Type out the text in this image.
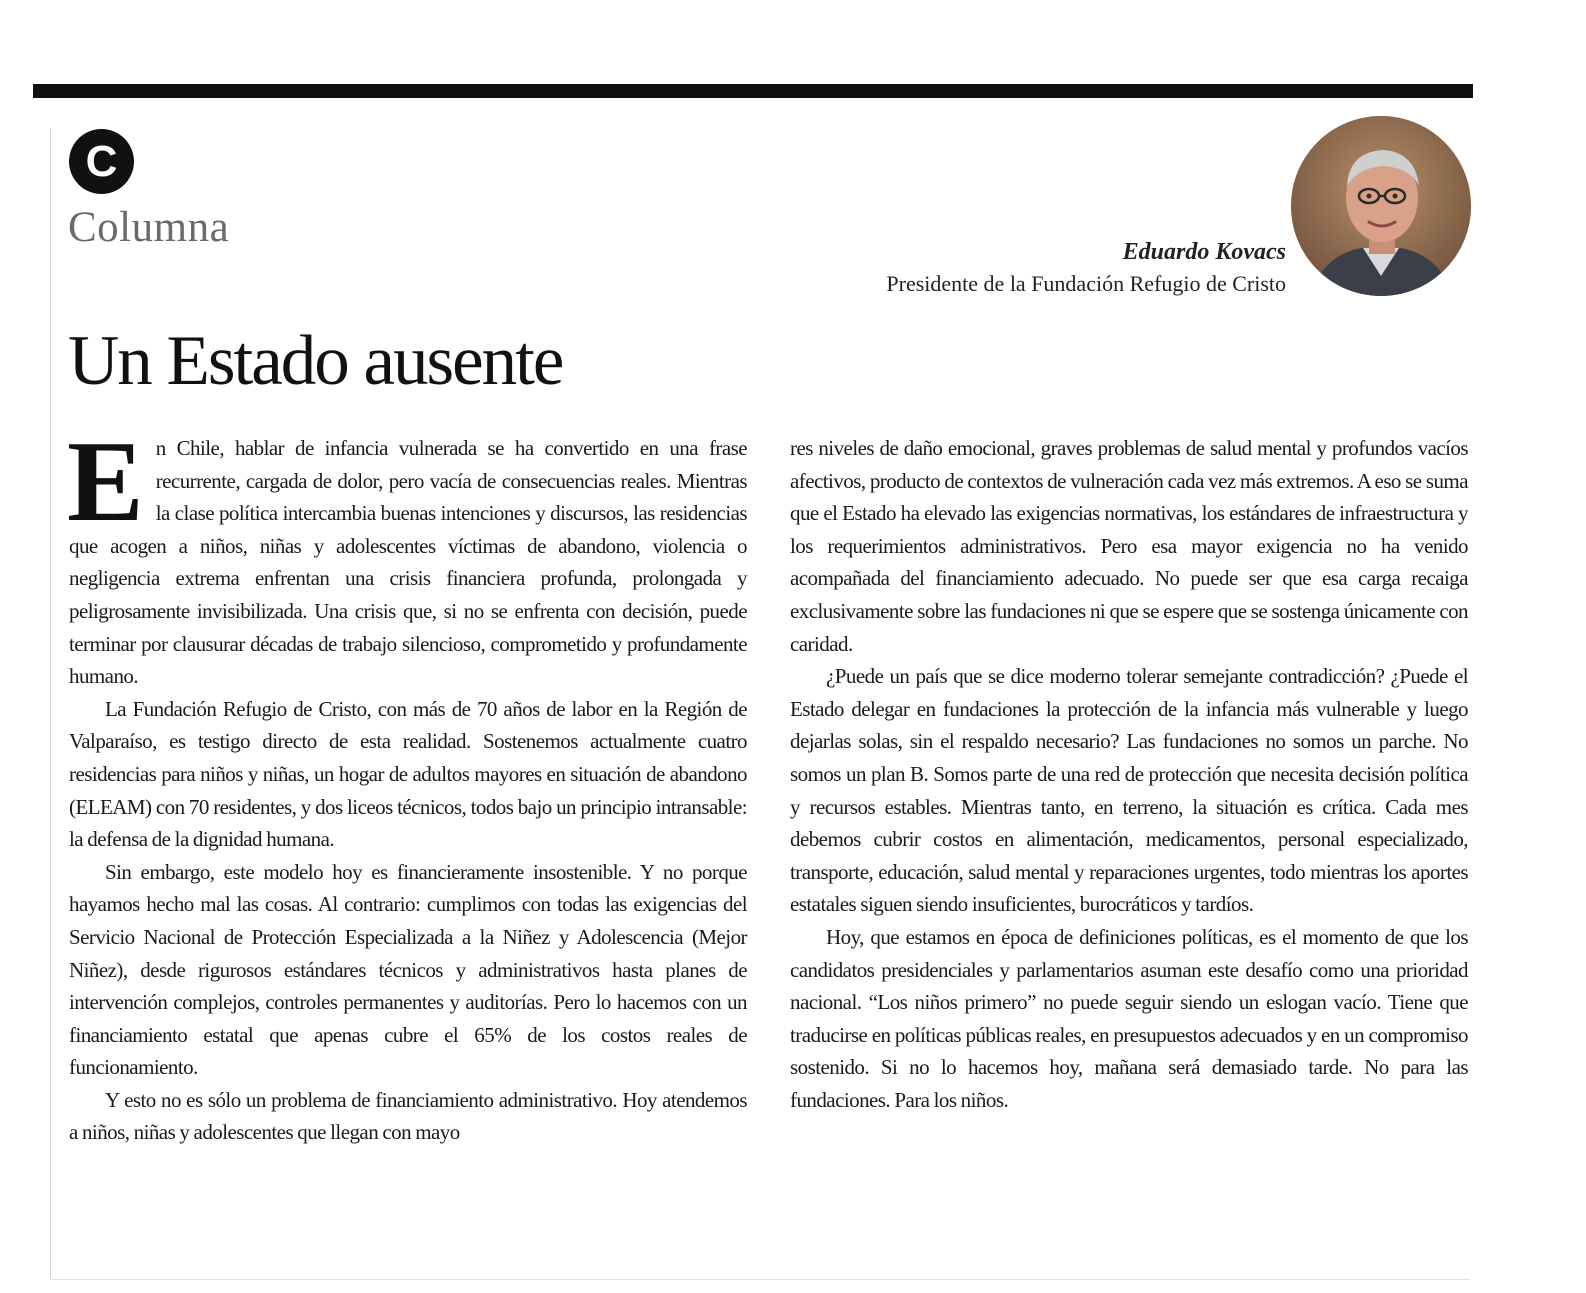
C
Columna
Eduardo Kovacs
Presidente de la Fundación Refugio de Cristo
Un Estado ausente

En Chile, hablar de infancia vulnerada se ha convertido en una frase recurrente, cargada de dolor, pero vacía de consecuencias reales. Mientras la clase política intercambia buenas intenciones y discursos, las residencias que acogen a niños, niñas y adolescentes víctimas de abandono, violencia o negligencia extrema enfrentan una crisis financiera profunda, prolongada y peligrosamente invisibilizada. Una crisis que, si no se enfrenta con decisión, puede terminar por clausurar décadas de trabajo silencioso, comprometido y profundamente humano.

La Fundación Refugio de Cristo, con más de 70 años de labor en la Región de Valparaíso, es testigo directo de esta realidad. Sostenemos actualmente cuatro residencias para niños y niñas, un hogar de adultos mayores en situación de abandono (ELEAM) con 70 residentes, y dos liceos técnicos, todos bajo un principio intransable: la defensa de la dignidad humana.

Sin embargo, este modelo hoy es financieramente insostenible. Y no porque hayamos hecho mal las cosas. Al contrario: cumplimos con todas las exigencias del Servicio Nacional de Protección Especializada a la Niñez y Adolescencia (Mejor Niñez), desde rigurosos estándares técnicos y administrativos hasta planes de intervención complejos, controles permanentes y auditorías. Pero lo hacemos con un financiamiento estatal que apenas cubre el 65% de los costos reales de funcionamiento.

Y esto no es sólo un problema de financiamiento administrativo. Hoy atendemos a niños, niñas y adolescentes que llegan con mayo

res niveles de daño emocional, graves problemas de salud mental y profundos vacíos afectivos, producto de contextos de vulneración cada vez más extremos. A eso se suma que el Estado ha elevado las exigencias normativas, los estándares de infraestructura y los requerimientos administrativos. Pero esa mayor exigencia no ha venido acompañada del financiamiento adecuado. No puede ser que esa carga recaiga exclusivamente sobre las fundaciones ni que se espere que se sostenga únicamente con caridad.

¿Puede un país que se dice moderno tolerar semejante contradicción? ¿Puede el Estado delegar en fundaciones la protección de la infancia más vulnerable y luego dejarlas solas, sin el respaldo necesario? Las fundaciones no somos un parche. No somos un plan B. Somos parte de una red de protección que necesita decisión política y recursos estables. Mientras tanto, en terreno, la situación es crítica. Cada mes debemos cubrir costos en alimentación, medicamentos, personal especializado, transporte, educación, salud mental y reparaciones urgentes, todo mientras los aportes estatales siguen siendo insuficientes, burocráticos y tardíos.

Hoy, que estamos en época de definiciones políticas, es el momento de que los candidatos presidenciales y parlamentarios asuman este desafío como una prioridad nacional. “Los niños primero” no puede seguir siendo un eslogan vacío. Tiene que traducirse en políticas públicas reales, en presupuestos adecuados y en un compromiso sostenido. Si no lo hacemos hoy, mañana será demasiado tarde. No para las fundaciones. Para los niños.
